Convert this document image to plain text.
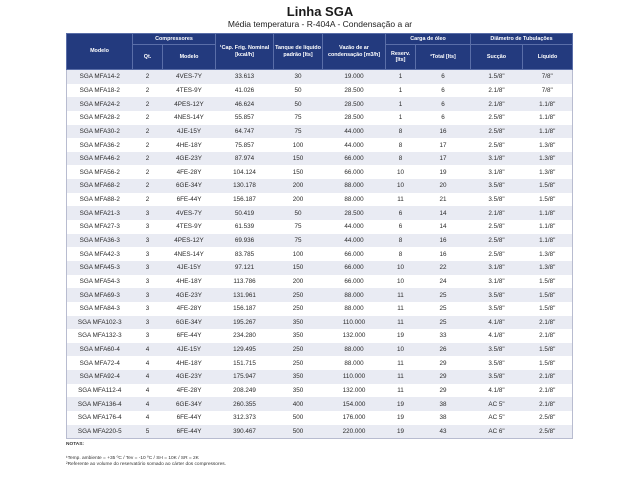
Linha SGA
Média temperatura - R-404A - Condensação a ar
Modelo	Compressores		¹Cap. Frig. Nominal [kcal/h]	Tanque de líquido padrão [lts]	Vazão de ar condensação [m3/h]	Carga de óleo		Diâmetro de Tubulações	
	Qt.	Modelo				Reserv. [lts]	²Total [lts]	Sucção	Líquido
SGA MFA14-2	2	4VES-7Y	33.613	30	19.000	1	6	1.5/8"	7/8"
SGA MFA18-2	2	4TES-9Y	41.026	50	28.500	1	6	2.1/8"	7/8"
SGA MFA24-2	2	4PES-12Y	46.624	50	28.500	1	6	2.1/8"	1.1/8"
SGA MFA28-2	2	4NES-14Y	55.857	75	28.500	1	6	2.5/8"	1.1/8"
SGA MFA30-2	2	4JE-15Y	64.747	75	44.000	8	16	2.5/8"	1.1/8"
SGA MFA36-2	2	4HE-18Y	75.857	100	44.000	8	17	2.5/8"	1.3/8"
SGA MFA46-2	2	4GE-23Y	87.974	150	66.000	8	17	3.1/8"	1.3/8"
SGA MFA56-2	2	4FE-28Y	104.124	150	66.000	10	19	3.1/8"	1.3/8"
SGA MFA68-2	2	6GE-34Y	130.178	200	88.000	10	20	3.5/8"	1.5/8"
SGA MFA88-2	2	6FE-44Y	156.187	200	88.000	11	21	3.5/8"	1.5/8"
SGA MFA21-3	3	4VES-7Y	50.419	50	28.500	6	14	2.1/8"	1.1/8"
SGA MFA27-3	3	4TES-9Y	61.539	75	44.000	6	14	2.5/8"	1.1/8"
SGA MFA36-3	3	4PES-12Y	69.936	75	44.000	8	16	2.5/8"	1.1/8"
SGA MFA42-3	3	4NES-14Y	83.785	100	66.000	8	16	2.5/8"	1.3/8"
SGA MFA45-3	3	4JE-15Y	97.121	150	66.000	10	22	3.1/8"	1.3/8"
SGA MFA54-3	3	4HE-18Y	113.786	200	66.000	10	24	3.1/8"	1.5/8"
SGA MFA69-3	3	4GE-23Y	131.961	250	88.000	11	25	3.5/8"	1.5/8"
SGA MFA84-3	3	4FE-28Y	156.187	250	88.000	11	25	3.5/8"	1.5/8"
SGA MFA102-3	3	6GE-34Y	195.267	350	110.000	11	25	4.1/8"	2.1/8"
SGA MFA132-3	3	6FE-44Y	234.280	350	132.000	19	33	4.1/8"	2.1/8"
SGA MFA60-4	4	4JE-15Y	129.495	250	88.000	10	26	3.5/8"	1.5/8"
SGA MFA72-4	4	4HE-18Y	151.715	250	88.000	11	29	3.5/8"	1.5/8"
SGA MFA92-4	4	4GE-23Y	175.947	350	110.000	11	29	3.5/8"	2.1/8"
SGA MFA112-4	4	4FE-28Y	208.249	350	132.000	11	29	4.1/8"	2.1/8"
SGA MFA136-4	4	6GE-34Y	260.355	400	154.000	19	38	AC 5"	2.1/8"
SGA MFA176-4	4	6FE-44Y	312.373	500	176.000	19	38	AC 5"	2.5/8"
SGA MFA220-5	5	6FE-44Y	390.467	500	220.000	19	43	AC 6"	2.5/8"
NOTAS:
¹Temp. ambiente = +35 ºC / Tev = -10 ºC / SH = 10K / SR = 2K
²Referente ao volume do reservatório somado ao cárter dos compressores.
